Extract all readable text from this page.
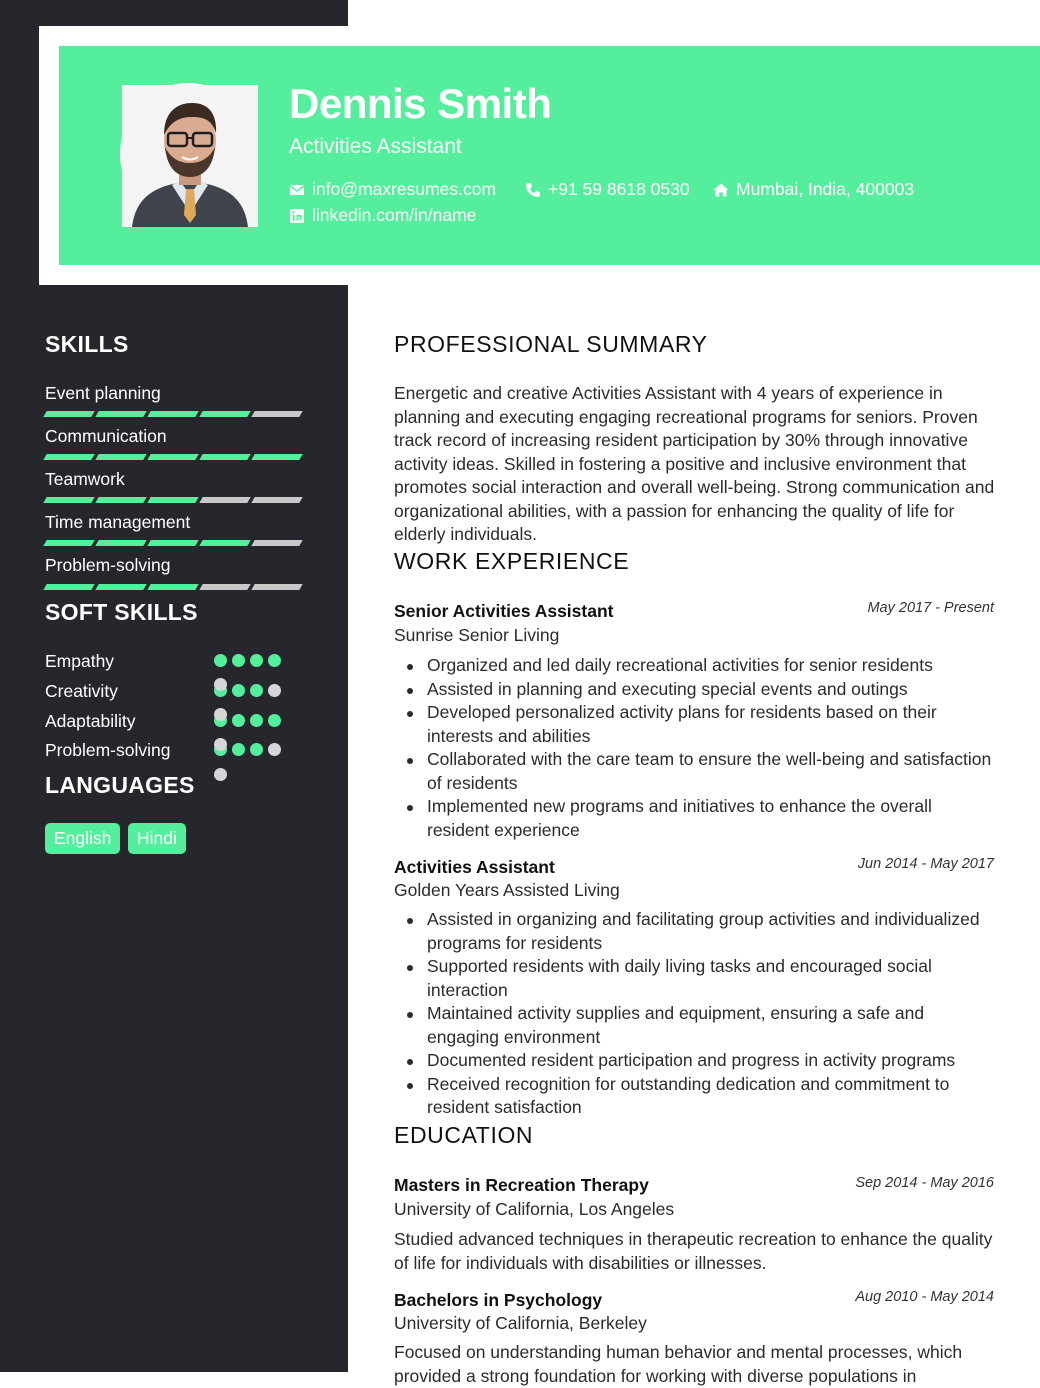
Dennis Smith
Activities Assistant
info@maxresumes.com	+91 59 8618 0530	Mumbai, India, 400003
linkedin.com/in/name
SKILLS
Event planning
Communication
Teamwork
Time management
Problem-solving
SOFT SKILLS
Empathy
Creativity
Adaptability
Problem-solving
LANGUAGES
English	Hindi
PROFESSIONAL SUMMARY
Energetic and creative Activities Assistant with 4 years of experience in planning and executing engaging recreational programs for seniors. Proven track record of increasing resident participation by 30% through innovative activity ideas. Skilled in fostering a positive and inclusive environment that promotes social interaction and overall well-being. Strong communication and organizational abilities, with a passion for enhancing the quality of life for elderly individuals.
WORK EXPERIENCE
Senior Activities Assistant	May 2017 - Present
Sunrise Senior Living
Organized and led daily recreational activities for senior residents
Assisted in planning and executing special events and outings
Developed personalized activity plans for residents based on their interests and abilities
Collaborated with the care team to ensure the well-being and satisfaction of residents
Implemented new programs and initiatives to enhance the overall resident experience
Activities Assistant	Jun 2014 - May 2017
Golden Years Assisted Living
Assisted in organizing and facilitating group activities and individualized programs for residents
Supported residents with daily living tasks and encouraged social interaction
Maintained activity supplies and equipment, ensuring a safe and engaging environment
Documented resident participation and progress in activity programs
Received recognition for outstanding dedication and commitment to resident satisfaction
EDUCATION
Masters in Recreation Therapy	Sep 2014 - May 2016
University of California, Los Angeles
Studied advanced techniques in therapeutic recreation to enhance the quality of life for individuals with disabilities or illnesses.
Bachelors in Psychology	Aug 2010 - May 2014
University of California, Berkeley
Focused on understanding human behavior and mental processes, which provided a strong foundation for working with diverse populations in
